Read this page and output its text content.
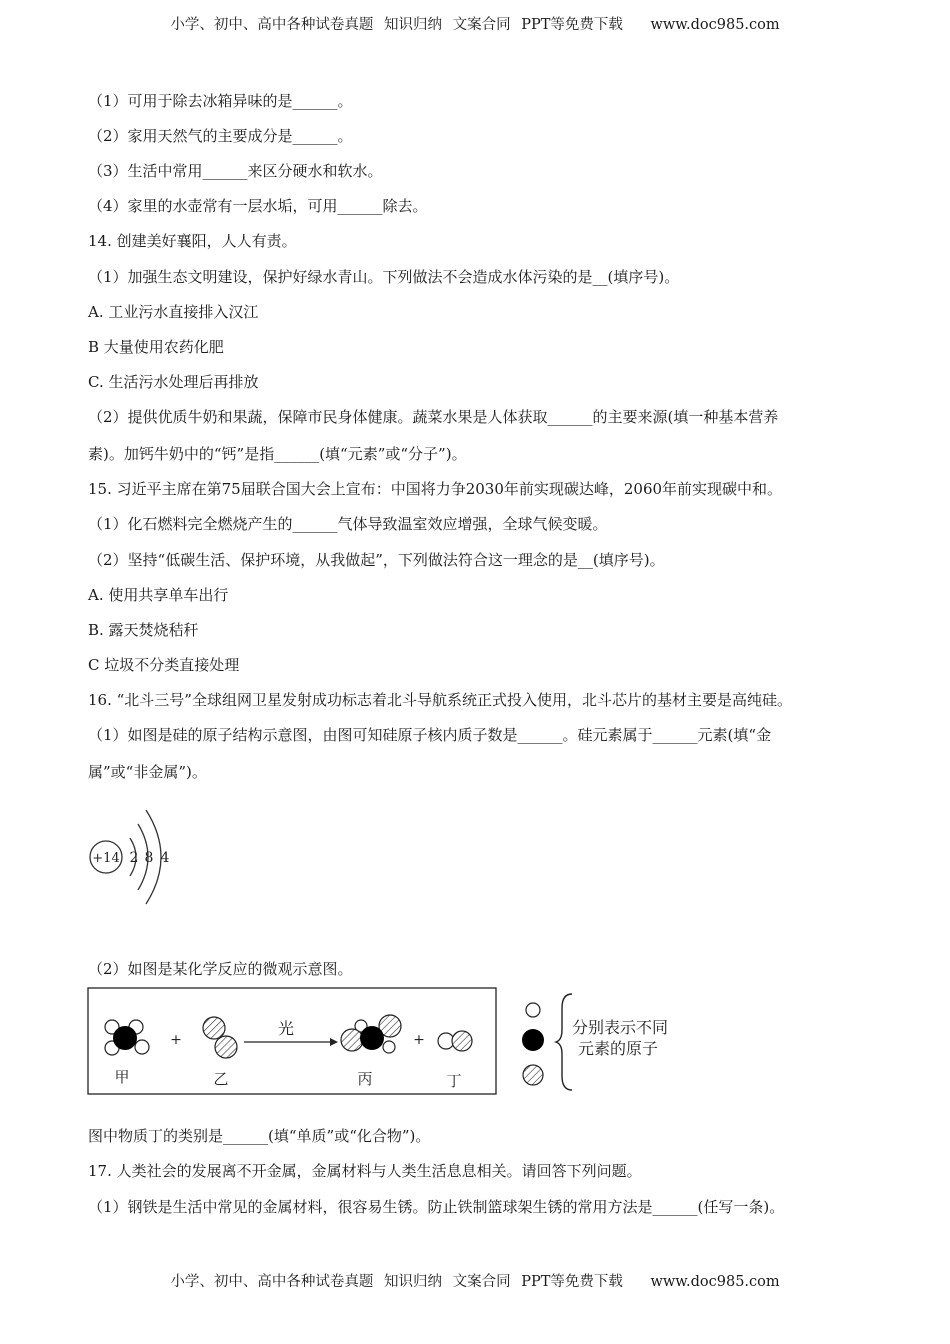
小学、初中、高中各种试卷真题 知识归纳 文案合同 PPT等免费下载 www.doc985.com
（1）可用于除去冰箱异味的是______。
（2）家用天然气的主要成分是______。
（3）生活中常用______来区分硬水和软水。
（4）家里的水壶常有一层水垢，可用______除去。
14. 创建美好襄阳，人人有责。
（1）加强生态文明建设，保护好绿水青山。下列做法不会造成水体污染的是__(填序号)。
A. 工业污水直接排入汉江
B 大量使用农药化肥
C. 生活污水处理后再排放
（2）提供优质牛奶和果蔬，保障市民身体健康。蔬菜水果是人体获取______的主要来源(填一种基本营养
素)。加钙牛奶中的“钙”是指______(填“元素”或“分子”)。
15. 习近平主席在第75届联合国大会上宣布：中国将力争2030年前实现碳达峰，2060年前实现碳中和。
（1）化石燃料完全燃烧产生的______气体导致温室效应增强，全球气候变暖。
（2）坚持“低碳生活、保护环境，从我做起”，下列做法符合这一理念的是__(填序号)。
A. 使用共享单车出行
B. 露天焚烧秸秆
C 垃圾不分类直接处理
16. “北斗三号”全球组网卫星发射成功标志着北斗导航系统正式投入使用，北斗芯片的基材主要是高纯硅。
（1）如图是硅的原子结构示意图，由图可知硅原子核内质子数是______。硅元素属于______元素(填“金
属”或“非金属”)。
+14 2 8 4
（2）如图是某化学反应的微观示意图。
+
光
+
甲	乙	丙	丁
分别表示不同
元素的原子
图中物质丁的类别是______(填“单质”或“化合物”)。
17. 人类社会的发展离不开金属，金属材料与人类生活息息相关。请回答下列问题。
（1）钢铁是生活中常见的金属材料，很容易生锈。防止铁制篮球架生锈的常用方法是______(任写一条)。
小学、初中、高中各种试卷真题 知识归纳 文案合同 PPT等免费下载 www.doc985.com
